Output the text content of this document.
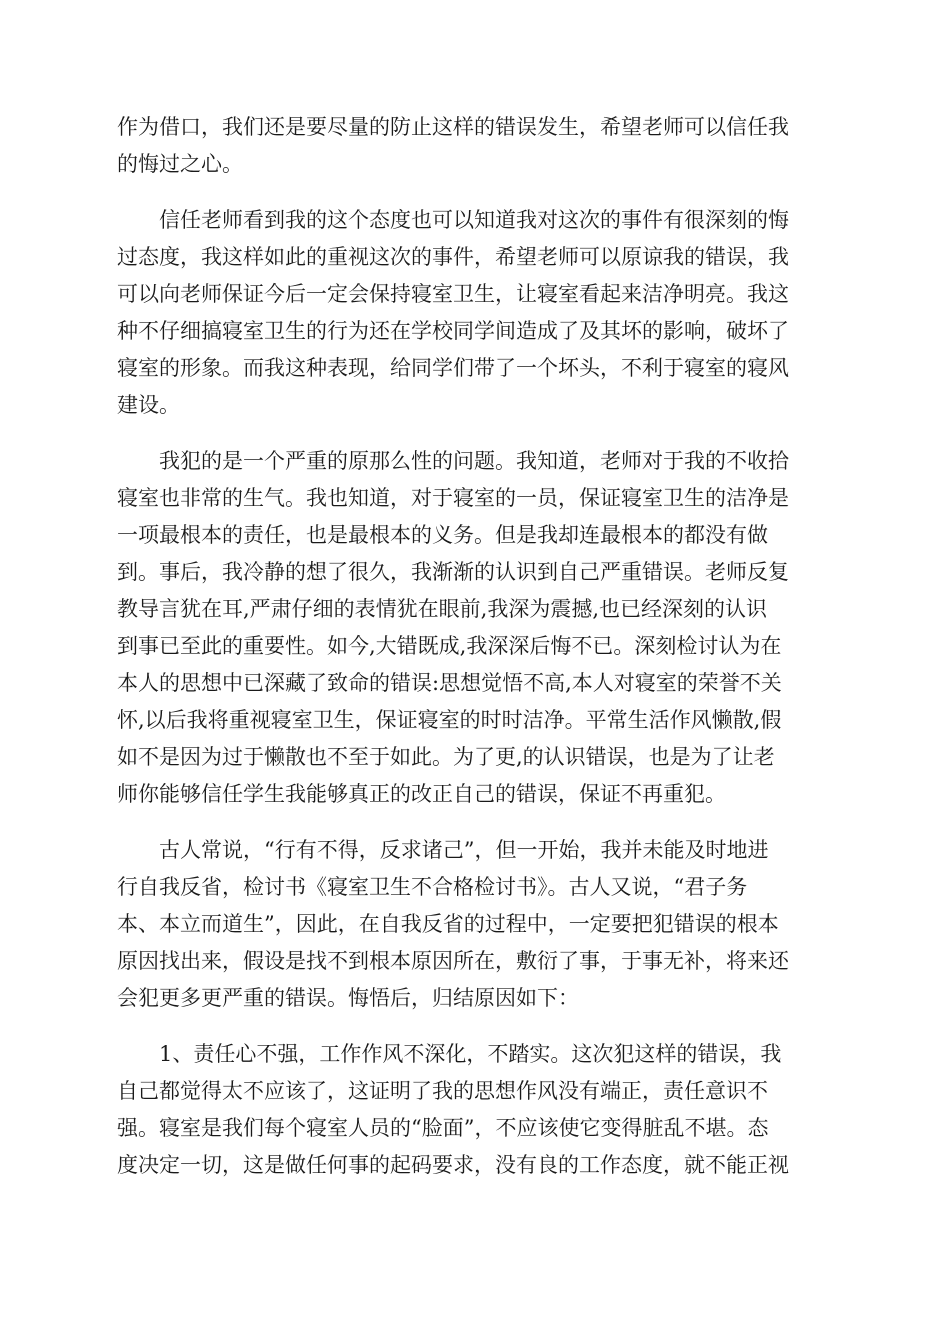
作为借口，我们还是要尽量的防止这样的错误发生，希望老师可以信任我
的悔过之心。
　　信任老师看到我的这个态度也可以知道我对这次的事件有很深刻的悔
过态度，我这样如此的重视这次的事件，希望老师可以原谅我的错误，我
可以向老师保证今后一定会保持寝室卫生，让寝室看起来洁净明亮。我这
种不仔细搞寝室卫生的行为还在学校同学间造成了及其坏的影响，破坏了
寝室的形象。而我这种表现，给同学们带了一个坏头，不利于寝室的寝风
建设。
　　我犯的是一个严重的原那么性的问题。我知道，老师对于我的不收拾
寝室也非常的生气。我也知道，对于寝室的一员，保证寝室卫生的洁净是
一项最根本的责任，也是最根本的义务。但是我却连最根本的都没有做
到。事后，我冷静的想了很久，我渐渐的认识到自己严重错误。老师反复
教导言犹在耳,严肃仔细的表情犹在眼前,我深为震撼,也已经深刻的认识
到事已至此的重要性。如今,大错既成,我深深后悔不已。深刻检讨认为在
本人的思想中已深藏了致命的错误:思想觉悟不高,本人对寝室的荣誉不关
怀,以后我将重视寝室卫生，保证寝室的时时洁净。平常生活作风懒散,假
如不是因为过于懒散也不至于如此。为了更,的认识错误，也是为了让老
师你能够信任学生我能够真正的改正自己的错误，保证不再重犯。
　　古人常说，“行有不得，反求诸己”，但一开始，我并未能及时地进
行自我反省，检讨书《寝室卫生不合格检讨书》。古人又说，“君子务
本、本立而道生”，因此，在自我反省的过程中，一定要把犯错误的根本
原因找出来，假设是找不到根本原因所在，敷衍了事，于事无补，将来还
会犯更多更严重的错误。悔悟后，归结原因如下：
　　1、责任心不强，工作作风不深化，不踏实。这次犯这样的错误，我
自己都觉得太不应该了，这证明了我的思想作风没有端正，责任意识不
强。寝室是我们每个寝室人员的“脸面”，不应该使它变得脏乱不堪。态
度决定一切，这是做任何事的起码要求，没有良的工作态度，就不能正视
